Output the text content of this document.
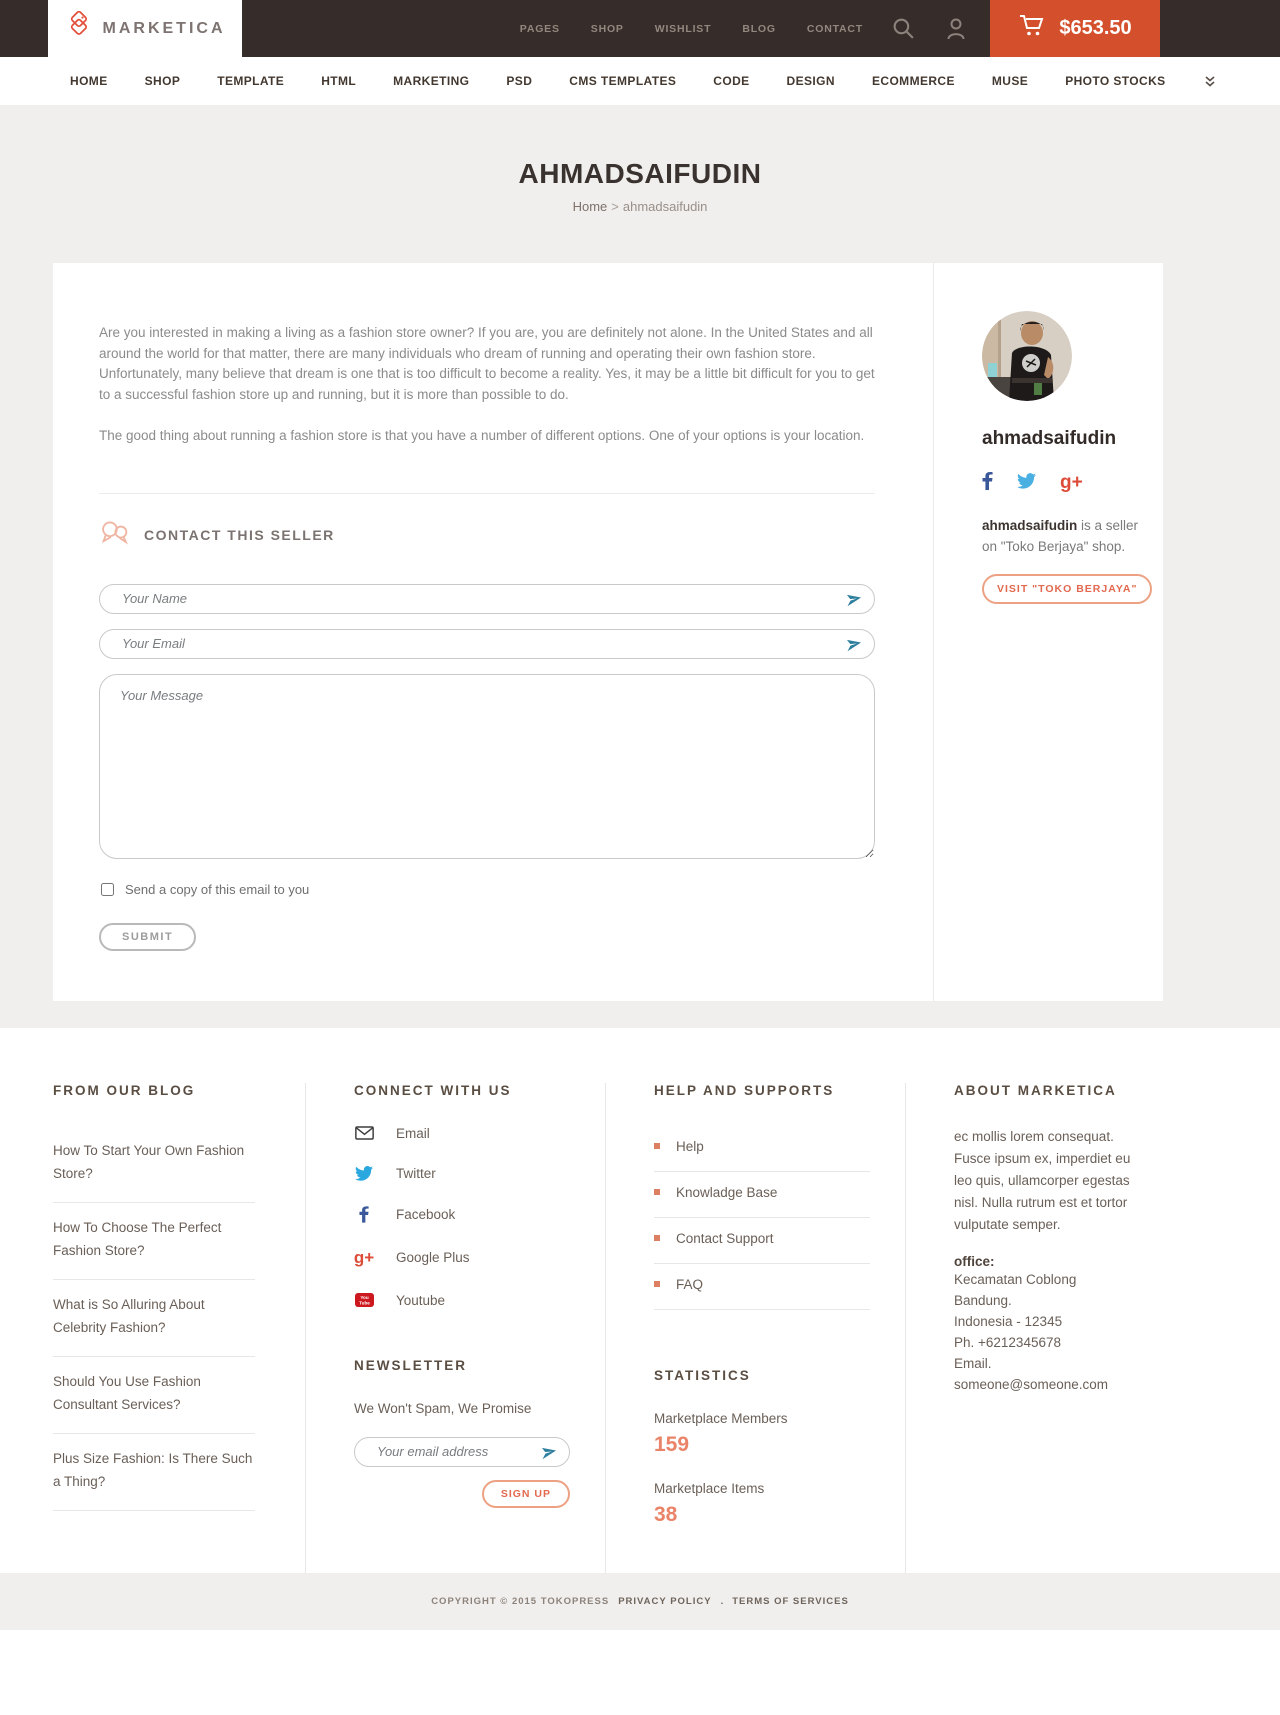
MARKETICA	PAGES	SHOP	WISHLIST	BLOG	CONTACT	$653.50
HOME	SHOP	TEMPLATE	HTML	MARKETING	PSD	CMS TEMPLATES	CODE	DESIGN	ECOMMERCE	MUSE	PHOTO STOCKS
AHMADSAIFUDIN
Home > ahmadsaifudin

Are you interested in making a living as a fashion store owner? If you are, you are definitely not alone. In the United States and all around the world for that matter, there are many individuals who dream of running and operating their own fashion store. Unfortunately, many believe that dream is one that is too difficult to become a reality. Yes, it may be a little bit difficult for you to get to a successful fashion store up and running, but it is more than possible to do.

The good thing about running a fashion store is that you have a number of different options. One of your options is your location.

CONTACT THIS SELLER
Your Name
Your Email
Your Message
Send a copy of this email to you
SUBMIT
ahmadsaifudin
g+
ahmadsaifudin is a seller on "Toko Berjaya" shop.
VISIT "TOKO BERJAYA"
FROM OUR BLOG
How To Start Your Own Fashion Store?
How To Choose The Perfect Fashion Store?
What is So Alluring About Celebrity Fashion?
Should You Use Fashion Consultant Services?
Plus Size Fashion: Is There Such a Thing?
CONNECT WITH US
Email
Twitter
Facebook
g+ Google Plus
You
Tube Youtube
NEWSLETTER
We Won't Spam, We Promise
Your email address
SIGN UP
HELP AND SUPPORTS
Help
Knowladge Base
Contact Support
FAQ
STATISTICS
Marketplace Members
159
Marketplace Items
38
ABOUT MARKETICA
ec mollis lorem consequat. Fusce ipsum ex, imperdiet eu leo quis, ullamcorper egestas nisl. Nulla rutrum est et tortor vulputate semper.
office:
Kecamatan Coblong
Bandung.
Indonesia - 12345
Ph. +6212345678
Email. someone@someone.com
COPYRIGHT © 2015 TOKOPRESS PRIVACY POLICY . TERMS OF SERVICES
